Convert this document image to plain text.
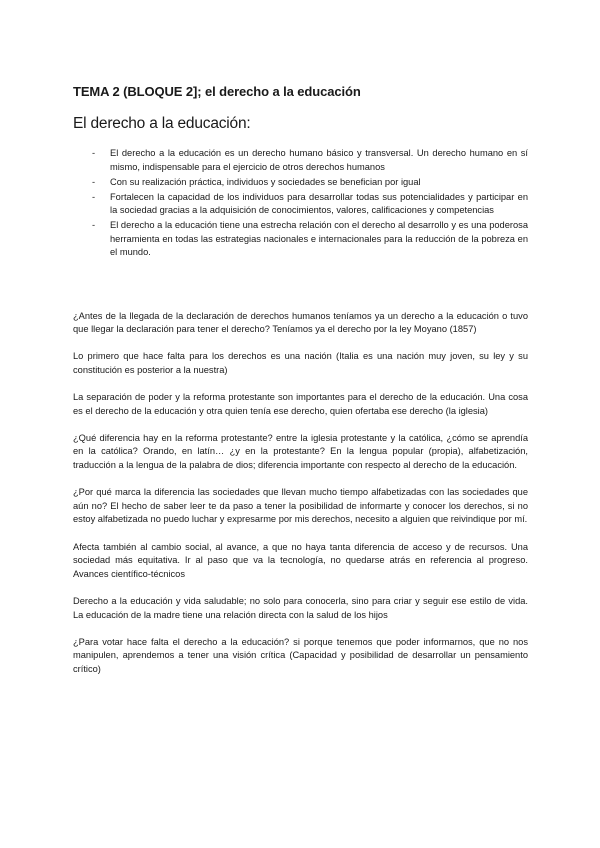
TEMA 2 (BLOQUE 2]; el derecho a la educación
El derecho a la educación:
- El derecho a la educación es un derecho humano básico y transversal. Un derecho humano en sí mismo, indispensable para el ejercicio de otros derechos humanos
- Con su realización práctica, individuos y sociedades se benefician por igual
- Fortalecen la capacidad de los individuos para desarrollar todas sus potencialidades y participar en la sociedad gracias a la adquisición de conocimientos, valores, calificaciones y competencias
- El derecho a la educación tiene una estrecha relación con el derecho al desarrollo y es una poderosa herramienta en todas las estrategias nacionales e internacionales para la reducción de la pobreza en el mundo.

¿Antes de la llegada de la declaración de derechos humanos teníamos ya un derecho a la educación o tuvo que llegar la declaración para tener el derecho? Teníamos ya el derecho por la ley Moyano (1857)

Lo primero que hace falta para los derechos es una nación (Italia es una nación muy joven, su ley y su constitución es posterior a la nuestra)

La separación de poder y la reforma protestante son importantes para el derecho de la educación. Una cosa es el derecho de la educación y otra quien tenía ese derecho, quien ofertaba ese derecho (la iglesia)

¿Qué diferencia hay en la reforma protestante? entre la iglesia protestante y la católica, ¿cómo se aprendía en la católica? Orando, en latín… ¿y en la protestante? En la lengua popular (propia), alfabetización, traducción a la lengua de la palabra de dios; diferencia importante con respecto al derecho de la educación.

¿Por qué marca la diferencia las sociedades que llevan mucho tiempo alfabetizadas con las sociedades que aún no? El hecho de saber leer te da paso a tener la posibilidad de informarte y conocer los derechos, si no estoy alfabetizada no puedo luchar y expresarme por mis derechos, necesito a alguien que reivindique por mí.

Afecta también al cambio social, al avance, a que no haya tanta diferencia de acceso y de recursos. Una sociedad más equitativa. Ir al paso que va la tecnología, no quedarse atrás en referencia al progreso. Avances científico-técnicos

Derecho a la educación y vida saludable; no solo para conocerla, sino para criar y seguir ese estilo de vida. La educación de la madre tiene una relación directa con la salud de los hijos

¿Para votar hace falta el derecho a la educación? si porque tenemos que poder informarnos, que no nos manipulen, aprendemos a tener una visión crítica (Capacidad y posibilidad de desarrollar un pensamiento crítico)
